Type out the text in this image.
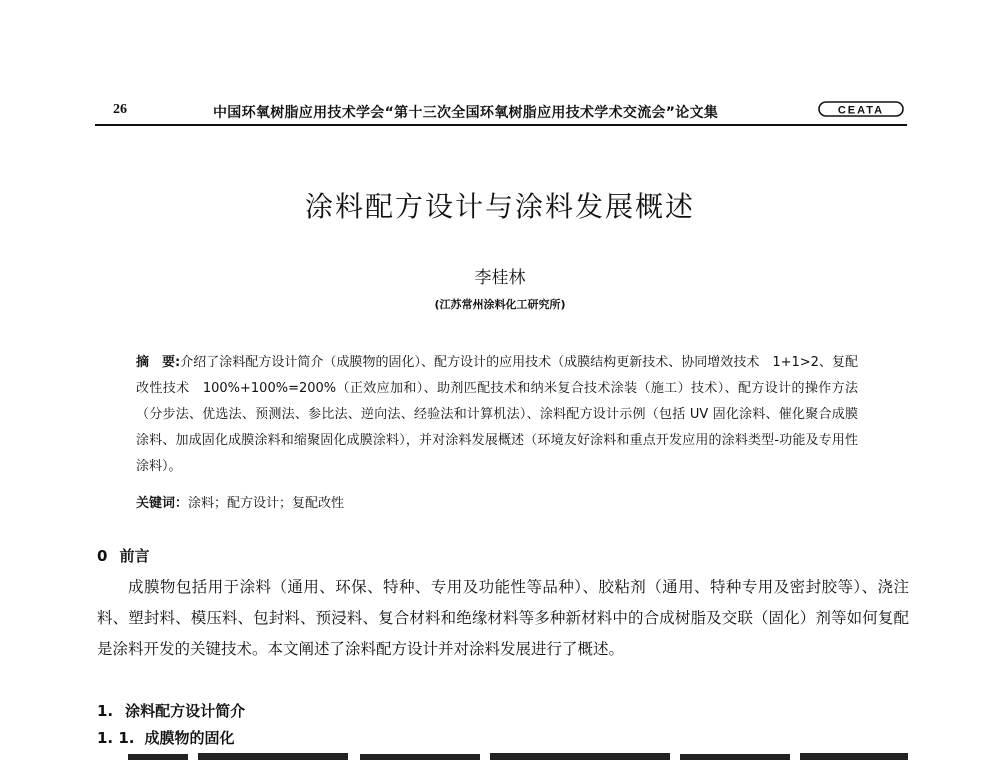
26	中国环氧树脂应用技术学会“第十三次全国环氧树脂应用技术学术交流会”论文集	CEATA
涂料配方设计与涂料发展概述
李桂林
(江苏常州涂料化工研究所)
摘　要:介绍了涂料配方设计简介（成膜物的固化）、配方设计的应用技术（成膜结构更新技术、协同增效技术　1+1>2、复配改性技术　100%+100%=200%（正效应加和）、助剂匹配技术和纳米复合技术涂装（施工）技术）、配方设计的操作方法（分步法、优选法、预测法、参比法、逆向法、经验法和计算机法）、涂料配方设计示例（包括 UV 固化涂料、催化聚合成膜涂料、加成固化成膜涂料和缩聚固化成膜涂料），并对涂料发展概述（环境友好涂料和重点开发应用的涂料类型-功能及专用性涂料）。
关键词：涂料；配方设计；复配改性
0 前言

成膜物包括用于涂料（通用、环保、特种、专用及功能性等品种）、胶粘剂（通用、特种专用及密封胶等）、浇注料、塑封料、模压料、包封料、预浸料、复合材料和绝缘材料等多种新材料中的合成树脂及交联（固化）剂等如何复配是涂料开发的关键技术。本文阐述了涂料配方设计并对涂料发展进行了概述。

1. 涂料配方设计简介
1. 1. 成膜物的固化
